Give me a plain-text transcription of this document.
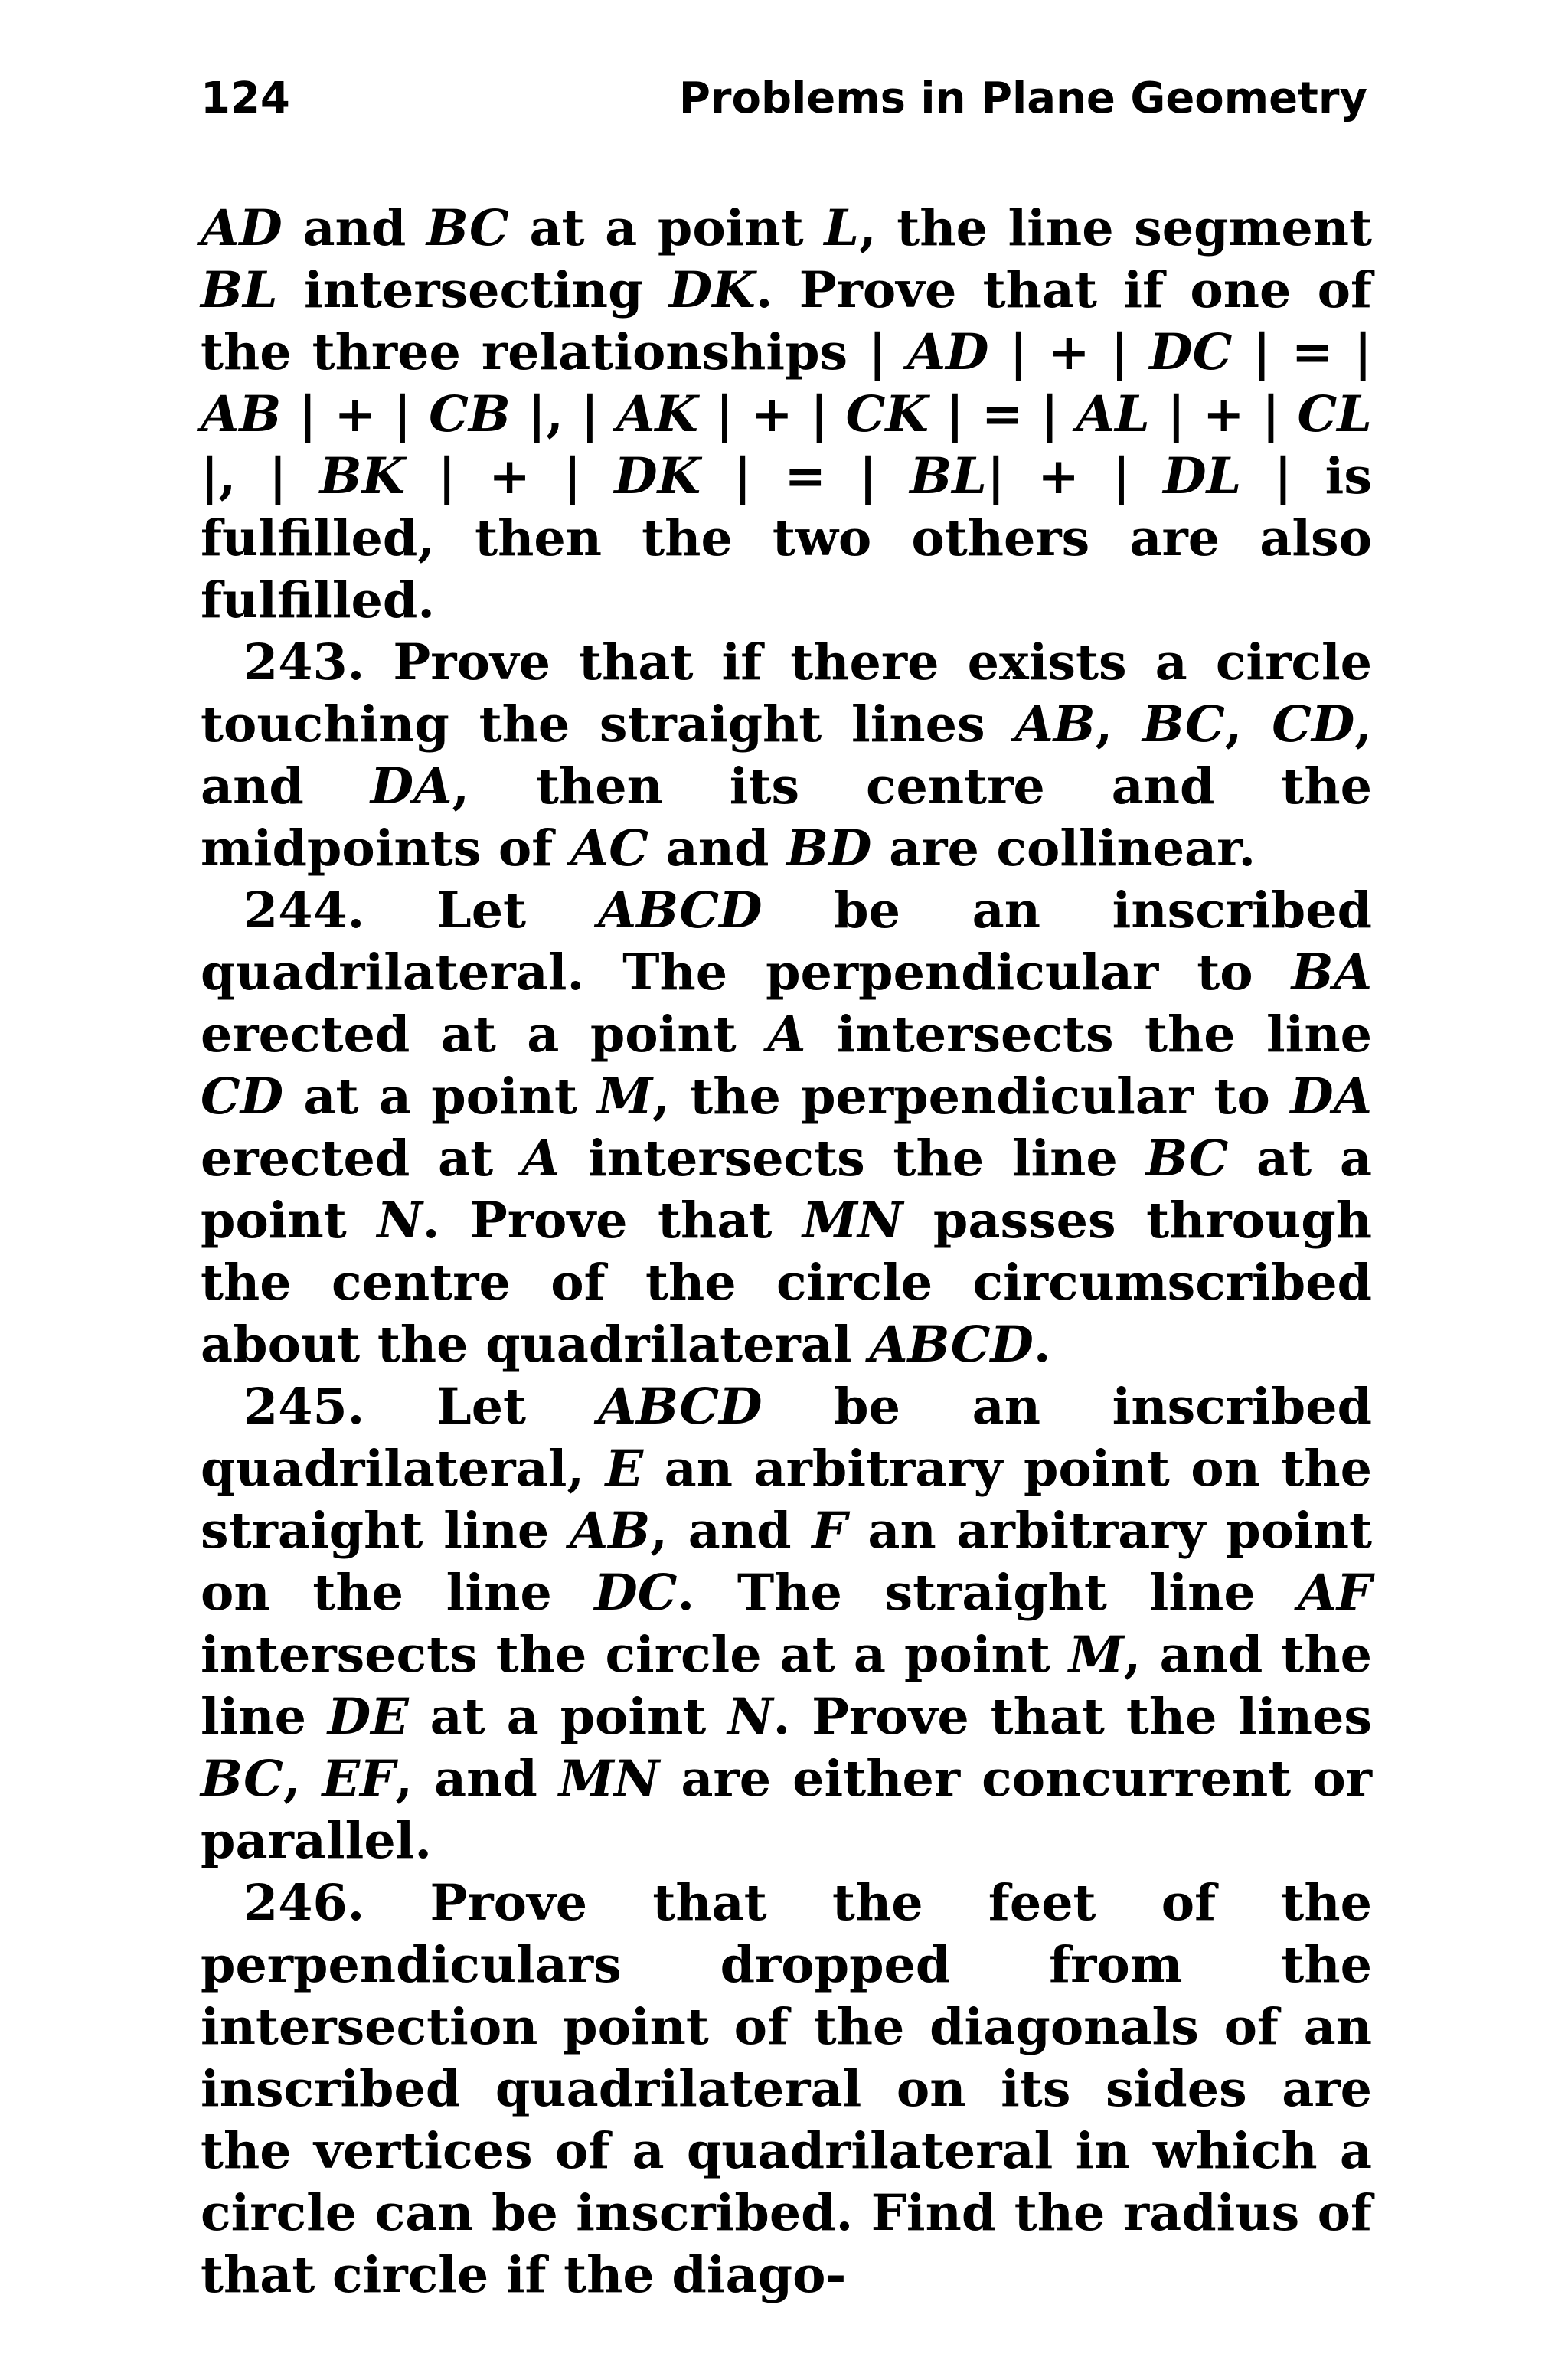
124	Problems in Plane Geometry

AD and BC at a point L, the line segment BL intersecting DK. Prove that if one of the three relationships | AD | + | DC | = | AB | + | CB |, | AK | + | CK | = | AL | + | CL |, | BK | + | DK | = | BL| + | DL | is fulfilled, then the two others are also fulfilled.

243. Prove that if there exists a circle touching the straight lines AB, BC, CD, and DA, then its centre and the midpoints of AC and BD are collinear.

244. Let ABCD be an inscribed quadrilateral. The perpendicular to BA erected at a point A intersects the line CD at a point M, the perpendicular to DA erected at A intersects the line BC at a point N. Prove that MN passes through the centre of the circle circumscribed about the quadrilateral ABCD.

245. Let ABCD be an inscribed quadrilateral, E an arbitrary point on the straight line AB, and F an arbitrary point on the line DC. The straight line AF intersects the circle at a point M, and the line DE at a point N. Prove that the lines BC, EF, and MN are either concurrent or parallel.

246. Prove that the feet of the perpendiculars dropped from the intersection point of the diagonals of an inscribed quadrilateral on its sides are the vertices of a quadrilateral in which a circle can be inscribed. Find the radius of that circle if the diago-
